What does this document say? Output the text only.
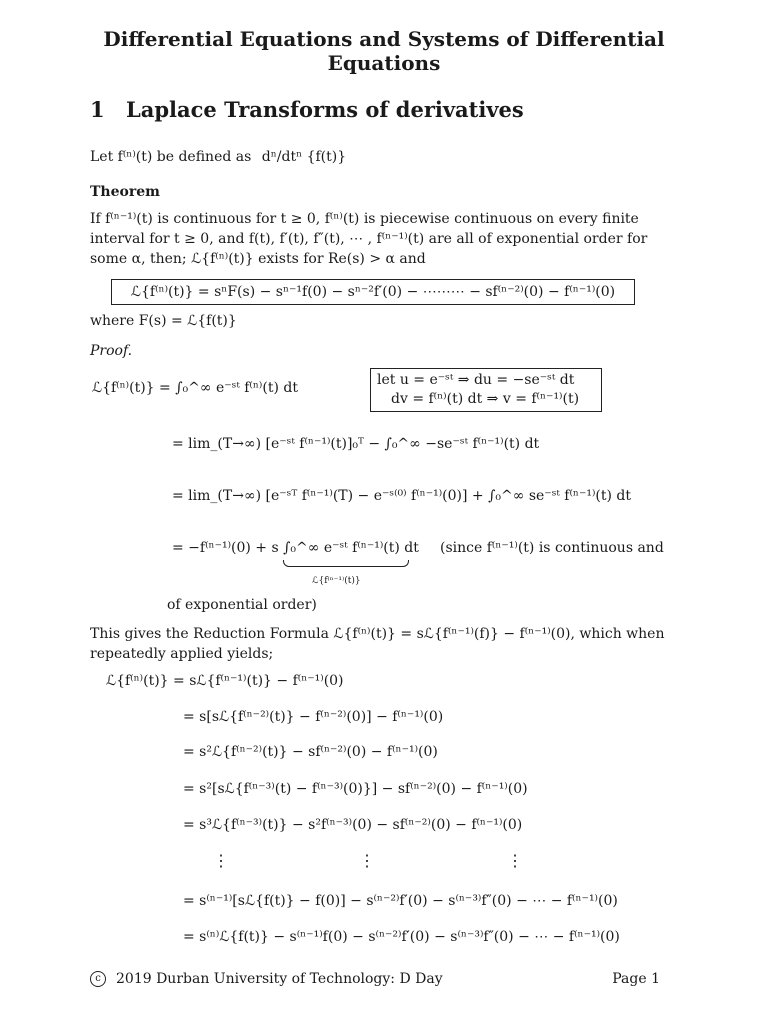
Differential Equations and Systems of Differential Equations
1 Laplace Transforms of derivatives
Let f⁽ⁿ⁾(t) be defined as dⁿ/dtⁿ {f(t)}
Theorem
If f⁽ⁿ⁻¹⁾(t) is continuous for t ≥ 0, f⁽ⁿ⁾(t) is piecewise continuous on every finite interval for t ≥ 0, and f(t), f′(t), f″(t), ⋯ , f⁽ⁿ⁻¹⁾(t) are all of exponential order for some α, then; ℒ{f⁽ⁿ⁾(t)} exists for Re(s) > α and
ℒ{f⁽ⁿ⁾(t)} = sⁿF(s) − sⁿ⁻¹f(0) − sⁿ⁻²f′(0) − ⋯⋯⋯ − sf⁽ⁿ⁻²⁾(0) − f⁽ⁿ⁻¹⁾(0)
where F(s) = ℒ{f(t)}
Proof.
ℒ{f⁽ⁿ⁾(t)} = ∫₀^∞ e⁻ˢᵗ f⁽ⁿ⁾(t) dt	let u = e⁻ˢᵗ ⇒ du = −se⁻ˢᵗ dt
dv = f⁽ⁿ⁾(t) dt ⇒ v = f⁽ⁿ⁻¹⁾(t)
= lim_(T→∞) [e⁻ˢᵗ f⁽ⁿ⁻¹⁾(t)]₀ᵀ − ∫₀^∞ −se⁻ˢᵗ f⁽ⁿ⁻¹⁾(t) dt
= lim_(T→∞) [e⁻ˢᵀ f⁽ⁿ⁻¹⁾(T) − e⁻ˢ⁽⁰⁾ f⁽ⁿ⁻¹⁾(0)] + ∫₀^∞ se⁻ˢᵗ f⁽ⁿ⁻¹⁾(t) dt
= −f⁽ⁿ⁻¹⁾(0) + s ∫₀^∞ e⁻ˢᵗ f⁽ⁿ⁻¹⁾(t) dt
ℒ{f⁽ⁿ⁻¹⁾(t)}
(since f⁽ⁿ⁻¹⁾(t) is continuous and
of exponential order)
This gives the Reduction Formula ℒ{f⁽ⁿ⁾(t)} = sℒ{f⁽ⁿ⁻¹⁾(f)} − f⁽ⁿ⁻¹⁾(0), which when repeatedly applied yields;
ℒ{f⁽ⁿ⁾(t)} = sℒ{f⁽ⁿ⁻¹⁾(t)} − f⁽ⁿ⁻¹⁾(0)
= s[sℒ{f⁽ⁿ⁻²⁾(t)} − f⁽ⁿ⁻²⁾(0)] − f⁽ⁿ⁻¹⁾(0)
= s²ℒ{f⁽ⁿ⁻²⁾(t)} − sf⁽ⁿ⁻²⁾(0) − f⁽ⁿ⁻¹⁾(0)
= s²[sℒ{f⁽ⁿ⁻³⁾(t) − f⁽ⁿ⁻³⁾(0)}] − sf⁽ⁿ⁻²⁾(0) − f⁽ⁿ⁻¹⁾(0)
= s³ℒ{f⁽ⁿ⁻³⁾(t)} − s²f⁽ⁿ⁻³⁾(0) − sf⁽ⁿ⁻²⁾(0) − f⁽ⁿ⁻¹⁾(0)
⋮	⋮	⋮
= s⁽ⁿ⁻¹⁾[sℒ{f(t)} − f(0)] − s⁽ⁿ⁻²⁾f′(0) − s⁽ⁿ⁻³⁾f″(0) − ⋯ − f⁽ⁿ⁻¹⁾(0)
= s⁽ⁿ⁾ℒ{f(t)} − s⁽ⁿ⁻¹⁾f(0) − s⁽ⁿ⁻²⁾f′(0) − s⁽ⁿ⁻³⁾f″(0) − ⋯ − f⁽ⁿ⁻¹⁾(0)
c 2019 Durban University of Technology: D Day	Page 1
